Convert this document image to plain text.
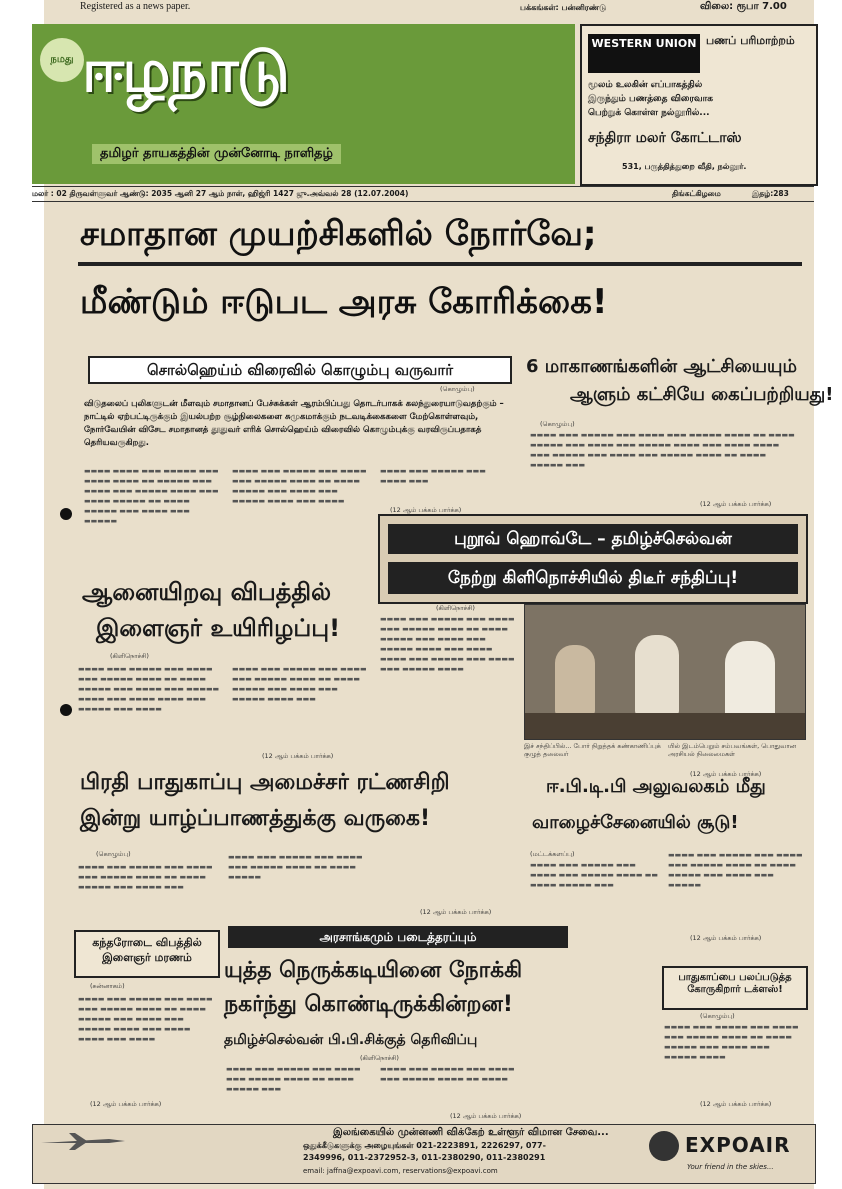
Registered as a news paper.	பக்கங்கள்: பன்னிரண்டு	விலை: ரூபா 7.00
நமது ஈழநாடு
தமிழர் தாயகத்தின் முன்னோடி நாளிதழ்
WESTERN UNION பணப் பரிமாற்றம்
மூலம் உலகின் எப்பாகத்தில்
இருந்தும் பணத்தை விரைவாக
பெற்றுக் கொள்ள நல்லூரில்...
சந்திரா மலர் கோட்டாஸ்
531, பருத்தித்துறை வீதி, நல்லூர்.
மலர் : 02 திருவள்ளுவர் ஆண்டு: 2035 ஆனி 27 ஆம் நாள், ஹிஜ்ரி 1427 ஜு.அவ்வல் 28 (12.07.2004)	திங்கட்கிழமை	இதழ்:283
சமாதான முயற்சிகளில் நோர்வே;
மீண்டும் ஈடுபட அரசு கோரிக்கை!
சொல்ஹெய்ம் விரைவில் கொழும்பு வருவார்
(கொழும்பு)
விடுதலைப் புலிகளுடன் மீளவும் சமாதானப் பேச்சுக்கள் ஆரம்பிப்பது தொடர்பாகக் கலந்துரையாடுவதற்கும் – நாட்டில் ஏற்பட்டிருக்கும் இயல்பற்ற சூழ்நிலைகளை சுமுகமாக்கும் நடவடிக்கைகளை மேற்கொள்ளவும், நோர்வேயின் விசேட சமாதானத் தூதுவர் எரிக் சொல்ஹெய்ம் விரைவில் கொழும்புக்கு வரவிருப்பதாகத் தெரியவருகிறது.
▬▬▬▬ ▬▬▬▬ ▬▬▬ ▬▬▬▬▬ ▬▬▬ ▬▬▬▬ ▬▬▬▬ ▬▬ ▬▬▬▬▬ ▬▬▬ ▬▬▬▬ ▬▬▬ ▬▬▬▬▬ ▬▬▬▬ ▬▬▬ ▬▬▬▬ ▬▬▬▬▬ ▬▬ ▬▬▬▬ ▬▬▬▬▬ ▬▬▬ ▬▬▬▬ ▬▬▬ ▬▬▬▬▬
▬▬▬▬ ▬▬▬ ▬▬▬▬▬ ▬▬▬ ▬▬▬▬ ▬▬▬ ▬▬▬▬▬ ▬▬▬▬ ▬▬ ▬▬▬▬ ▬▬▬▬▬ ▬▬▬ ▬▬▬▬ ▬▬▬ ▬▬▬▬▬ ▬▬▬▬ ▬▬▬ ▬▬▬▬
▬▬▬▬ ▬▬▬ ▬▬▬▬▬ ▬▬▬ ▬▬▬▬ ▬▬▬
(12 ஆம் பக்கம் பார்க்க)
6 மாகாணங்களின் ஆட்சியையும்
ஆளும் கட்சியே கைப்பற்றியது!
(கொழும்பு)
▬▬▬▬ ▬▬▬ ▬▬▬▬▬ ▬▬▬ ▬▬▬▬ ▬▬▬ ▬▬▬▬▬ ▬▬▬▬ ▬▬ ▬▬▬▬ ▬▬▬▬▬ ▬▬▬ ▬▬▬▬ ▬▬▬ ▬▬▬▬▬ ▬▬▬▬ ▬▬▬ ▬▬▬▬ ▬▬▬▬ ▬▬▬ ▬▬▬▬▬ ▬▬▬ ▬▬▬▬ ▬▬▬ ▬▬▬▬▬ ▬▬▬▬ ▬▬ ▬▬▬▬ ▬▬▬▬▬ ▬▬▬
(12 ஆம் பக்கம் பார்க்க)
புறூவ் ஹொவ்டே – தமிழ்ச்செல்வன்
நேற்று கிளிநொச்சியில் திடீர் சந்திப்பு!
ஆனையிறவு விபத்தில்
இளைஞர் உயிரிழப்பு!
(கிளிநொச்சி)
▬▬▬▬ ▬▬▬ ▬▬▬▬▬ ▬▬▬ ▬▬▬▬ ▬▬▬ ▬▬▬▬▬ ▬▬▬▬ ▬▬ ▬▬▬▬ ▬▬▬▬▬ ▬▬▬ ▬▬▬▬ ▬▬▬ ▬▬▬▬▬ ▬▬▬▬ ▬▬▬ ▬▬▬▬ ▬▬▬▬ ▬▬▬ ▬▬▬▬▬ ▬▬▬ ▬▬▬▬
▬▬▬▬ ▬▬▬ ▬▬▬▬▬ ▬▬▬ ▬▬▬▬ ▬▬▬ ▬▬▬▬▬ ▬▬▬▬ ▬▬ ▬▬▬▬ ▬▬▬▬▬ ▬▬▬ ▬▬▬▬ ▬▬▬ ▬▬▬▬▬ ▬▬▬▬ ▬▬▬
(12 ஆம் பக்கம் பார்க்க)
(கிளிநொச்சி)
▬▬▬▬ ▬▬▬ ▬▬▬▬▬ ▬▬▬ ▬▬▬▬ ▬▬▬ ▬▬▬▬▬ ▬▬▬▬ ▬▬ ▬▬▬▬ ▬▬▬▬▬ ▬▬▬ ▬▬▬▬ ▬▬▬ ▬▬▬▬▬ ▬▬▬▬ ▬▬▬ ▬▬▬▬ ▬▬▬▬ ▬▬▬ ▬▬▬▬▬ ▬▬▬ ▬▬▬▬ ▬▬▬ ▬▬▬▬▬ ▬▬▬▬
இச் சந்திப்பில்... போர் நிறுத்தக் கண்காணிப்புக் குழுத் தலைவர்
யில் இடம்பெறும் சம்பவங்கள், பொதுவான அரசியல் நிலைமைகள்
(12 ஆம் பக்கம் பார்க்க)
பிரதி பாதுகாப்பு அமைச்சர் ரட்ணசிறி
இன்று யாழ்ப்பாணத்துக்கு வருகை!
(கொழும்பு)
▬▬▬▬ ▬▬▬ ▬▬▬▬▬ ▬▬▬ ▬▬▬▬ ▬▬▬ ▬▬▬▬▬ ▬▬▬▬ ▬▬ ▬▬▬▬ ▬▬▬▬▬ ▬▬▬ ▬▬▬▬ ▬▬▬
▬▬▬▬ ▬▬▬ ▬▬▬▬▬ ▬▬▬ ▬▬▬▬ ▬▬▬ ▬▬▬▬▬ ▬▬▬▬ ▬▬ ▬▬▬▬ ▬▬▬▬▬
(12 ஆம் பக்கம் பார்க்க)
ஈ.பி.டி.பி அலுவலகம் மீது
வாழைச்சேனையில் சூடு!
(மட்டக்களப்பு)
▬▬▬▬ ▬▬▬ ▬▬▬▬▬ ▬▬▬ ▬▬▬▬ ▬▬▬ ▬▬▬▬▬ ▬▬▬▬ ▬▬ ▬▬▬▬ ▬▬▬▬▬ ▬▬▬
▬▬▬▬ ▬▬▬ ▬▬▬▬▬ ▬▬▬ ▬▬▬▬ ▬▬▬ ▬▬▬▬▬ ▬▬▬▬ ▬▬ ▬▬▬▬ ▬▬▬▬▬ ▬▬▬ ▬▬▬▬ ▬▬▬ ▬▬▬▬▬
(12 ஆம் பக்கம் பார்க்க)
அரசாங்கமும் படைத்தரப்பும்
யுத்த நெருக்கடியினை நோக்கி
நகர்ந்து கொண்டிருக்கின்றன!
தமிழ்ச்செல்வன் பி.பி.சிக்குத் தெரிவிப்பு
(கிளிநொச்சி)
▬▬▬▬ ▬▬▬ ▬▬▬▬▬ ▬▬▬ ▬▬▬▬ ▬▬▬ ▬▬▬▬▬ ▬▬▬▬ ▬▬ ▬▬▬▬ ▬▬▬▬▬ ▬▬▬
▬▬▬▬ ▬▬▬ ▬▬▬▬▬ ▬▬▬ ▬▬▬▬ ▬▬▬ ▬▬▬▬▬ ▬▬▬▬ ▬▬ ▬▬▬▬
(12 ஆம் பக்கம் பார்க்க)
கந்தரோடை விபத்தில்
இளைஞர் மரணம்
(சுன்னாகம்)
▬▬▬▬ ▬▬▬ ▬▬▬▬▬ ▬▬▬ ▬▬▬▬ ▬▬▬ ▬▬▬▬▬ ▬▬▬▬ ▬▬ ▬▬▬▬ ▬▬▬▬▬ ▬▬▬ ▬▬▬▬ ▬▬▬ ▬▬▬▬▬ ▬▬▬▬ ▬▬▬ ▬▬▬▬ ▬▬▬▬ ▬▬▬ ▬▬▬▬
(12 ஆம் பக்கம் பார்க்க)
பாதுகாப்பை பலப்படுத்த
கோருகிறார் டக்ளஸ்!
(கொழும்பு)
▬▬▬▬ ▬▬▬ ▬▬▬▬▬ ▬▬▬ ▬▬▬▬ ▬▬▬ ▬▬▬▬▬ ▬▬▬▬ ▬▬ ▬▬▬▬ ▬▬▬▬▬ ▬▬▬ ▬▬▬▬ ▬▬▬ ▬▬▬▬▬ ▬▬▬▬
(12 ஆம் பக்கம் பார்க்க)
இலங்கையில் முன்னணி விக்கேற் உள்ளூர் விமான சேவை...
ஒதுக்கீடுகளுக்கு அழையுங்கள் 021-2223891, 2226297, 077-
2349996, 011-2372952-3, 011-2380290, 011-2380291
email: jaffna@expoavi.com, reservations@expoavi.com
EXPOAIR
Your friend in the skies...
